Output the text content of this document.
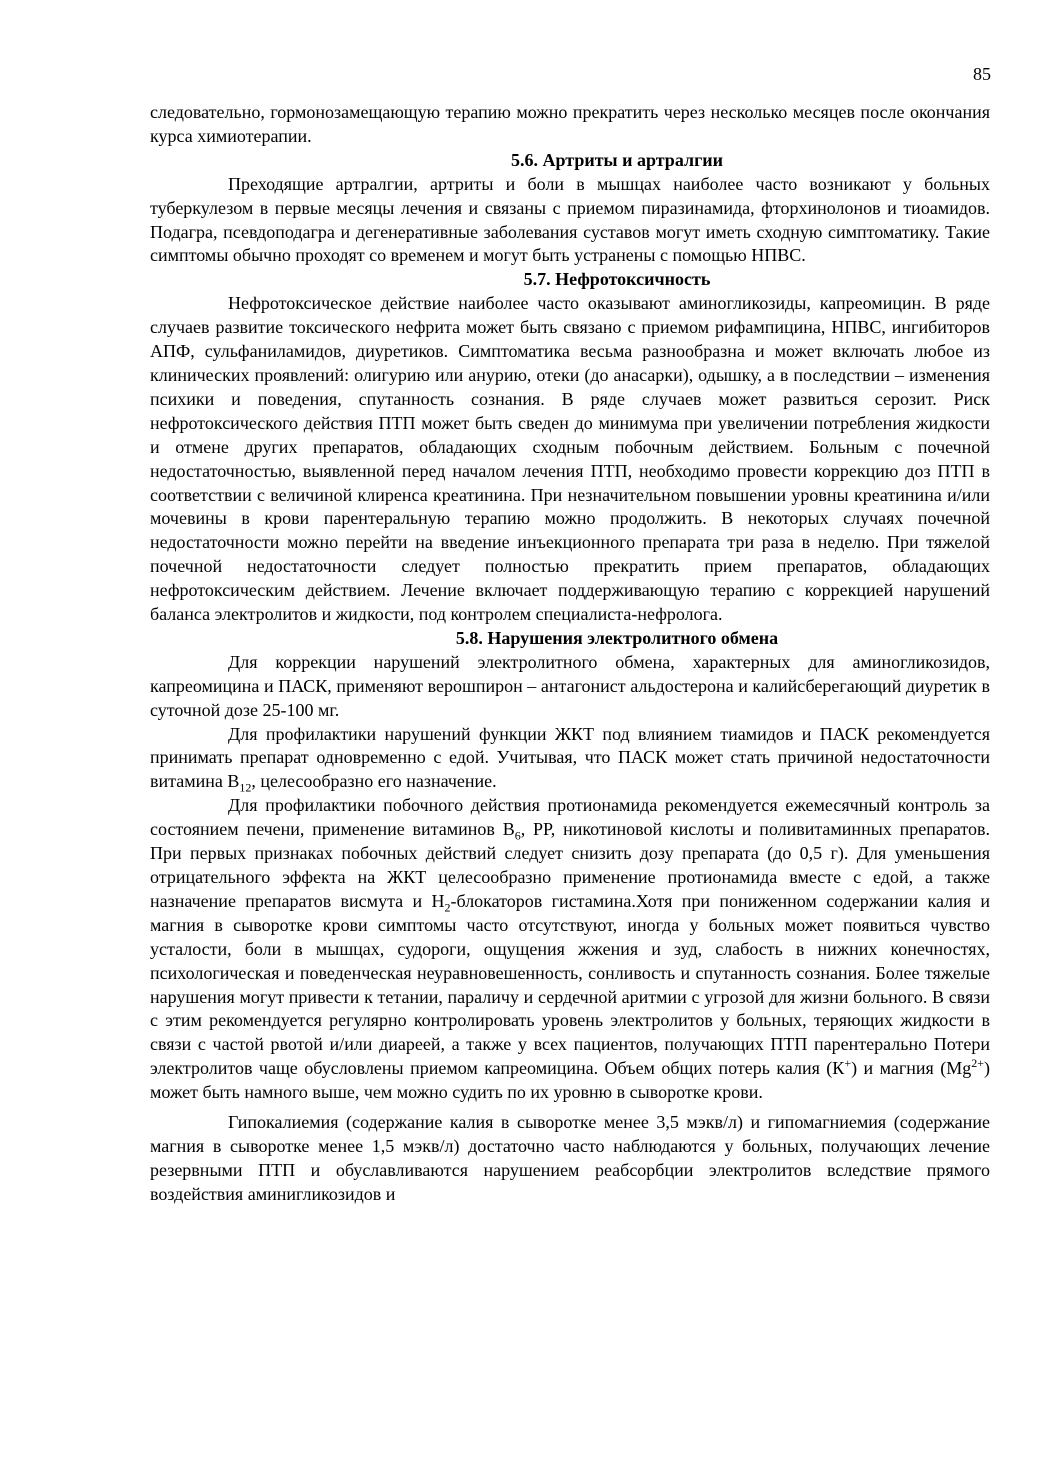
85

следовательно, гормонозамещающую терапию можно прекратить через несколько месяцев после окончания курса химиотерапии.

5.6. Артриты и артралгии

Преходящие артралгии, артриты и боли в мышцах наиболее часто возникают у больных туберкулезом в первые месяцы лечения и связаны с приемом пиразинамида, фторхинолонов и тиоамидов. Подагра, псевдоподагра и дегенеративные заболевания суставов могут иметь сходную симптоматику. Такие симптомы обычно проходят со временем и могут быть устранены с помощью НПВС.

5.7. Нефротоксичность

Нефротоксическое действие наиболее часто оказывают аминогликозиды, капреомицин. В ряде случаев развитие токсического нефрита может быть связано с приемом рифампицина, НПВС, ингибиторов АПФ, сульфаниламидов, диуретиков. Симптоматика весьма разнообразна и может включать любое из клинических проявлений: олигурию или анурию, отеки (до анасарки), одышку, а в последствии – изменения психики и поведения, спутанность сознания. В ряде случаев может развиться серозит. Риск нефротоксического действия ПТП может быть сведен до минимума при увеличении потребления жидкости и отмене других препаратов, обладающих сходным побочным действием. Больным с почечной недостаточностью, выявленной перед началом лечения ПТП, необходимо провести коррекцию доз ПТП в соответствии с величиной клиренса креатинина. При незначительном повышении уровны креатинина и/или мочевины в крови парентеральную терапию можно продолжить. В некоторых случаях почечной недостаточности можно перейти на введение инъекционного препарата три раза в неделю. При тяжелой почечной недостаточности следует полностью прекратить прием препаратов, обладающих нефротоксическим действием. Лечение включает поддерживающую терапию с коррекцией нарушений баланса электролитов и жидкости, под контролем специалиста-нефролога.

5.8. Нарушения электролитного обмена

Для коррекции нарушений электролитного обмена, характерных для аминогликозидов, капреомицина и ПАСК, применяют верошпирон – антагонист альдостерона и калийсберегающий диуретик в суточной дозе 25-100 мг.

Для профилактики нарушений функции ЖКТ под влиянием тиамидов и ПАСК рекомендуется принимать препарат одновременно с едой. Учитывая, что ПАСК может стать причиной недостаточности витамина $В_{12}$, целесообразно его назначение.

Для профилактики побочного действия протионамида рекомендуется ежемесячный контроль за состоянием печени, применение витаминов $В_6$, РР, никотиновой кислоты и поливитаминных препаратов. При первых признаках побочных действий следует снизить дозу препарата (до 0,5 г). Для уменьшения отрицательного эффекта на ЖКТ целесообразно применение протионамида вместе с едой, а также назначение препаратов висмута и $Н_2$-блокаторов гистамина.Хотя при пониженном содержании калия и магния в сыворотке крови симптомы часто отсутствуют, иногда у больных может появиться чувство усталости, боли в мышцах, судороги, ощущения жжения и зуд, слабость в нижних конечностях, психологическая и поведенческая неуравновешенность, сонливость и спутанность сознания. Более тяжелые нарушения могут привести к тетании, параличу и сердечной аритмии с угрозой для жизни больного. В связи с этим рекомендуется регулярно контролировать уровень электролитов у больных, теряющих жидкости в связи с частой рвотой и/или диареей, а также у всех пациентов, получающих ПТП парентерально Потери электролитов чаще обусловлены приемом капреомицина. Объем общих потерь калия (К+) и магния $(Mg^{2+})$ может быть намного выше, чем можно судить по их уровню в сыворотке крови.

Гипокалиемия (содержание калия в сыворотке менее 3,5 мэкв/л) и гипомагниемия (содержание магния в сыворотке менее 1,5 мэкв/л) достаточно часто наблюдаются у больных, получающих лечение резервными ПТП и обуславливаются нарушением реабсорбции электролитов вследствие прямого воздействия аминигликозидов и
